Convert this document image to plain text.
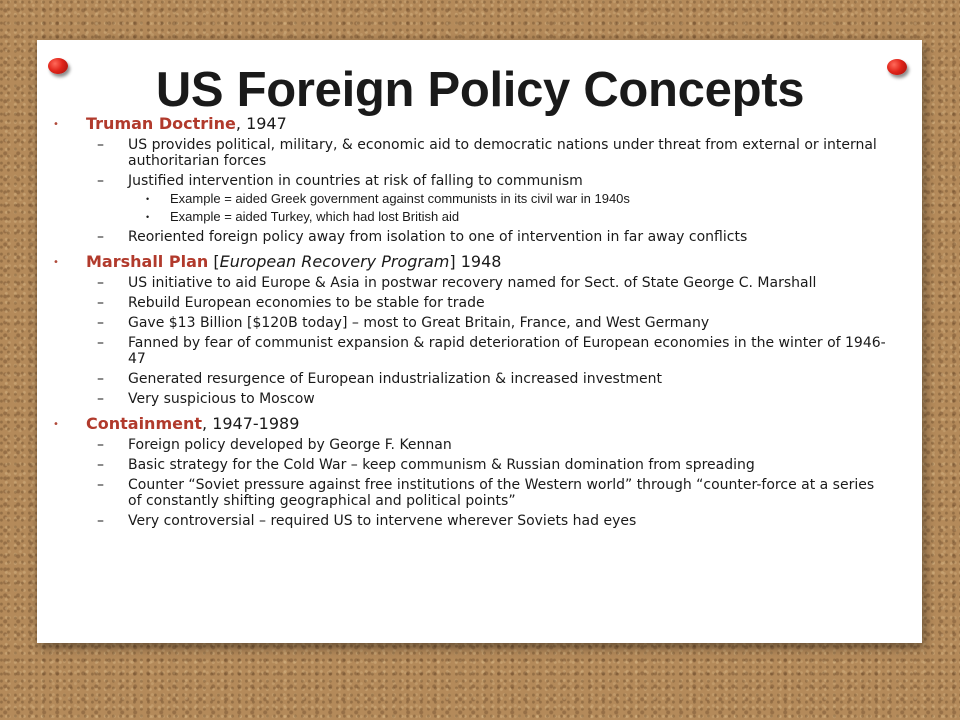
US Foreign Policy Concepts
• Truman Doctrine, 1947
– US provides political, military, & economic aid to democratic nations under threat from external or internal authoritarian forces
– Justified intervention in countries at risk of falling to communism
• Example = aided Greek government against communists in its civil war in 1940s
• Example = aided Turkey, which had lost British aid
– Reoriented foreign policy away from isolation to one of intervention in far away conflicts
• Marshall Plan [European Recovery Program] 1948
– US initiative to aid Europe & Asia in postwar recovery named for Sect. of State George C. Marshall
– Rebuild European economies to be stable for trade
– Gave $13 Billion [$120B today] – most to Great Britain, France, and West Germany
– Fanned by fear of communist expansion & rapid deterioration of European economies in the winter of 1946-47
– Generated resurgence of European industrialization & increased investment
– Very suspicious to Moscow
• Containment, 1947-1989
– Foreign policy developed by George F. Kennan
– Basic strategy for the Cold War – keep communism & Russian domination from spreading
– Counter “Soviet pressure against free institutions of the Western world” through “counter-force at a series of constantly shifting geographical and political points”
– Very controversial – required US to intervene wherever Soviets had eyes
